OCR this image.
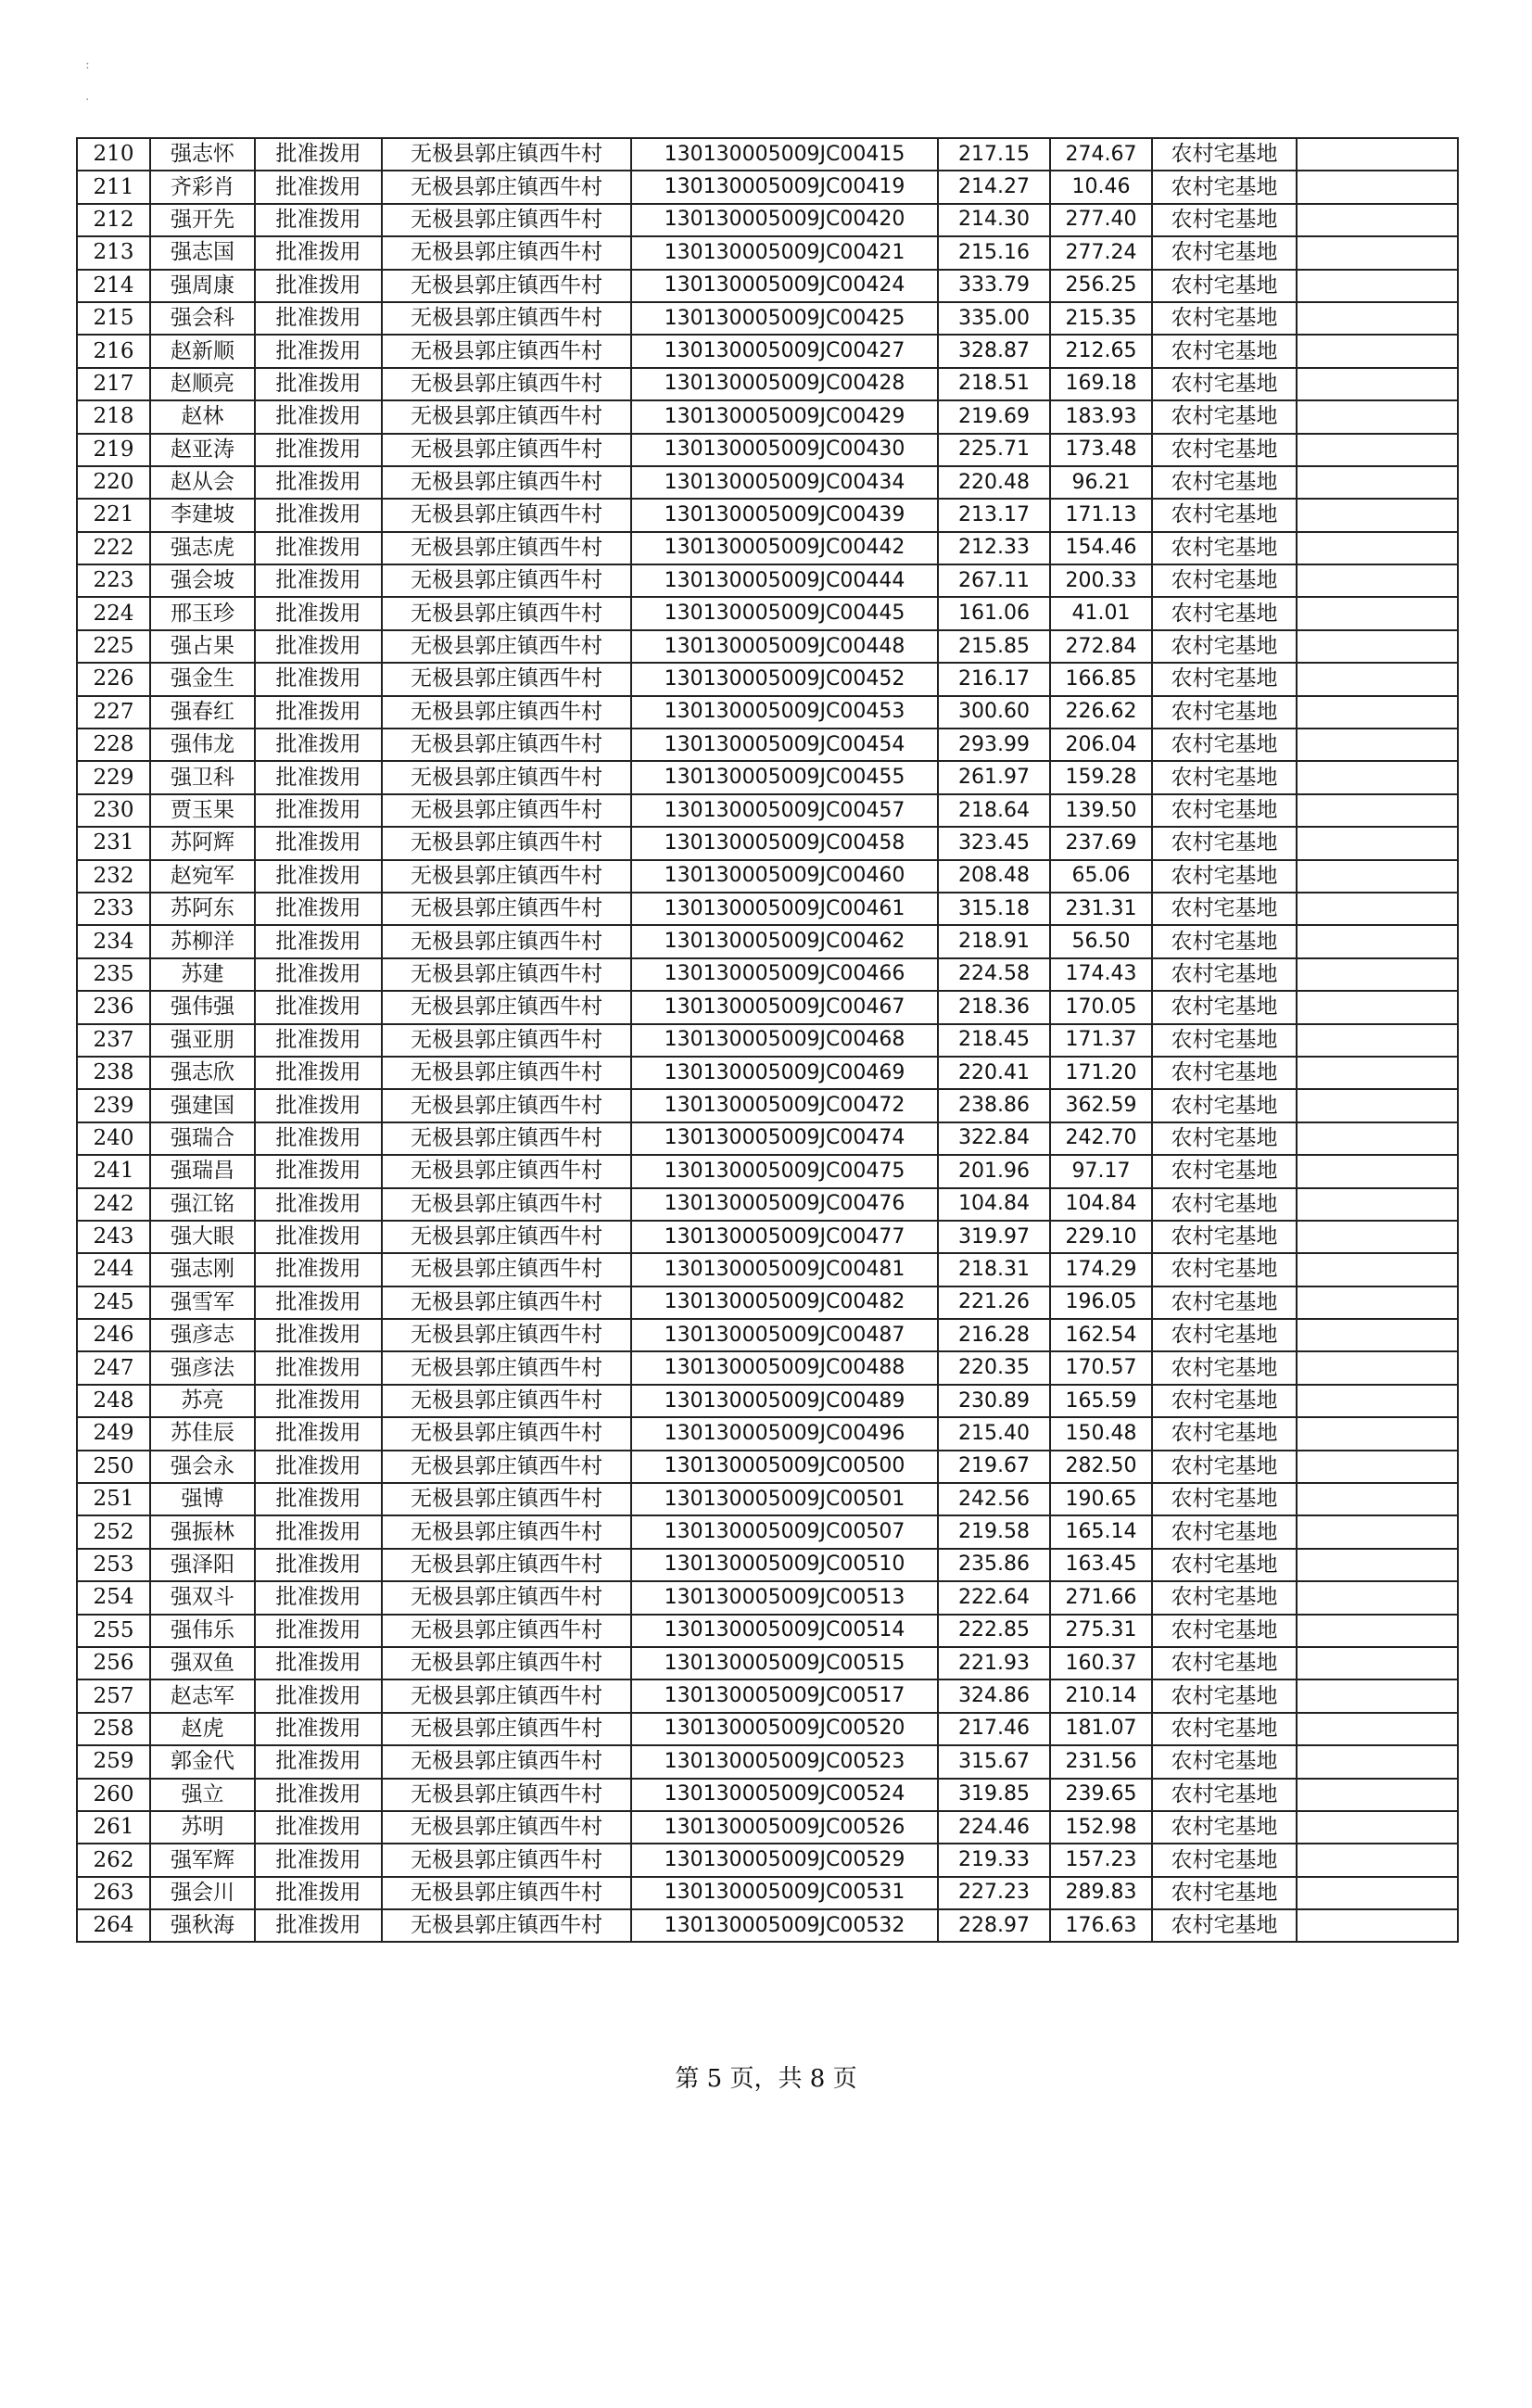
:
·
210	强志怀	批准拨用	无极县郭庄镇西牛村	130130005009JC00415	217.15	274.67	农村宅基地	
211	齐彩肖	批准拨用	无极县郭庄镇西牛村	130130005009JC00419	214.27	10.46	农村宅基地	
212	强开先	批准拨用	无极县郭庄镇西牛村	130130005009JC00420	214.30	277.40	农村宅基地	
213	强志国	批准拨用	无极县郭庄镇西牛村	130130005009JC00421	215.16	277.24	农村宅基地	
214	强周康	批准拨用	无极县郭庄镇西牛村	130130005009JC00424	333.79	256.25	农村宅基地	
215	强会科	批准拨用	无极县郭庄镇西牛村	130130005009JC00425	335.00	215.35	农村宅基地	
216	赵新顺	批准拨用	无极县郭庄镇西牛村	130130005009JC00427	328.87	212.65	农村宅基地	
217	赵顺亮	批准拨用	无极县郭庄镇西牛村	130130005009JC00428	218.51	169.18	农村宅基地	
218	赵林	批准拨用	无极县郭庄镇西牛村	130130005009JC00429	219.69	183.93	农村宅基地	
219	赵亚涛	批准拨用	无极县郭庄镇西牛村	130130005009JC00430	225.71	173.48	农村宅基地	
220	赵从会	批准拨用	无极县郭庄镇西牛村	130130005009JC00434	220.48	96.21	农村宅基地	
221	李建坡	批准拨用	无极县郭庄镇西牛村	130130005009JC00439	213.17	171.13	农村宅基地	
222	强志虎	批准拨用	无极县郭庄镇西牛村	130130005009JC00442	212.33	154.46	农村宅基地	
223	强会坡	批准拨用	无极县郭庄镇西牛村	130130005009JC00444	267.11	200.33	农村宅基地	
224	邢玉珍	批准拨用	无极县郭庄镇西牛村	130130005009JC00445	161.06	41.01	农村宅基地	
225	强占果	批准拨用	无极县郭庄镇西牛村	130130005009JC00448	215.85	272.84	农村宅基地	
226	强金生	批准拨用	无极县郭庄镇西牛村	130130005009JC00452	216.17	166.85	农村宅基地	
227	强春红	批准拨用	无极县郭庄镇西牛村	130130005009JC00453	300.60	226.62	农村宅基地	
228	强伟龙	批准拨用	无极县郭庄镇西牛村	130130005009JC00454	293.99	206.04	农村宅基地	
229	强卫科	批准拨用	无极县郭庄镇西牛村	130130005009JC00455	261.97	159.28	农村宅基地	
230	贾玉果	批准拨用	无极县郭庄镇西牛村	130130005009JC00457	218.64	139.50	农村宅基地	
231	苏阿辉	批准拨用	无极县郭庄镇西牛村	130130005009JC00458	323.45	237.69	农村宅基地	
232	赵宛军	批准拨用	无极县郭庄镇西牛村	130130005009JC00460	208.48	65.06	农村宅基地	
233	苏阿东	批准拨用	无极县郭庄镇西牛村	130130005009JC00461	315.18	231.31	农村宅基地	
234	苏柳洋	批准拨用	无极县郭庄镇西牛村	130130005009JC00462	218.91	56.50	农村宅基地	
235	苏建	批准拨用	无极县郭庄镇西牛村	130130005009JC00466	224.58	174.43	农村宅基地	
236	强伟强	批准拨用	无极县郭庄镇西牛村	130130005009JC00467	218.36	170.05	农村宅基地	
237	强亚朋	批准拨用	无极县郭庄镇西牛村	130130005009JC00468	218.45	171.37	农村宅基地	
238	强志欣	批准拨用	无极县郭庄镇西牛村	130130005009JC00469	220.41	171.20	农村宅基地	
239	强建国	批准拨用	无极县郭庄镇西牛村	130130005009JC00472	238.86	362.59	农村宅基地	
240	强瑞合	批准拨用	无极县郭庄镇西牛村	130130005009JC00474	322.84	242.70	农村宅基地	
241	强瑞昌	批准拨用	无极县郭庄镇西牛村	130130005009JC00475	201.96	97.17	农村宅基地	
242	强江铭	批准拨用	无极县郭庄镇西牛村	130130005009JC00476	104.84	104.84	农村宅基地	
243	强大眼	批准拨用	无极县郭庄镇西牛村	130130005009JC00477	319.97	229.10	农村宅基地	
244	强志刚	批准拨用	无极县郭庄镇西牛村	130130005009JC00481	218.31	174.29	农村宅基地	
245	强雪军	批准拨用	无极县郭庄镇西牛村	130130005009JC00482	221.26	196.05	农村宅基地	
246	强彦志	批准拨用	无极县郭庄镇西牛村	130130005009JC00487	216.28	162.54	农村宅基地	
247	强彦法	批准拨用	无极县郭庄镇西牛村	130130005009JC00488	220.35	170.57	农村宅基地	
248	苏亮	批准拨用	无极县郭庄镇西牛村	130130005009JC00489	230.89	165.59	农村宅基地	
249	苏佳辰	批准拨用	无极县郭庄镇西牛村	130130005009JC00496	215.40	150.48	农村宅基地	
250	强会永	批准拨用	无极县郭庄镇西牛村	130130005009JC00500	219.67	282.50	农村宅基地	
251	强博	批准拨用	无极县郭庄镇西牛村	130130005009JC00501	242.56	190.65	农村宅基地	
252	强振林	批准拨用	无极县郭庄镇西牛村	130130005009JC00507	219.58	165.14	农村宅基地	
253	强泽阳	批准拨用	无极县郭庄镇西牛村	130130005009JC00510	235.86	163.45	农村宅基地	
254	强双斗	批准拨用	无极县郭庄镇西牛村	130130005009JC00513	222.64	271.66	农村宅基地	
255	强伟乐	批准拨用	无极县郭庄镇西牛村	130130005009JC00514	222.85	275.31	农村宅基地	
256	强双鱼	批准拨用	无极县郭庄镇西牛村	130130005009JC00515	221.93	160.37	农村宅基地	
257	赵志军	批准拨用	无极县郭庄镇西牛村	130130005009JC00517	324.86	210.14	农村宅基地	
258	赵虎	批准拨用	无极县郭庄镇西牛村	130130005009JC00520	217.46	181.07	农村宅基地	
259	郭金代	批准拨用	无极县郭庄镇西牛村	130130005009JC00523	315.67	231.56	农村宅基地	
260	强立	批准拨用	无极县郭庄镇西牛村	130130005009JC00524	319.85	239.65	农村宅基地	
261	苏明	批准拨用	无极县郭庄镇西牛村	130130005009JC00526	224.46	152.98	农村宅基地	
262	强军辉	批准拨用	无极县郭庄镇西牛村	130130005009JC00529	219.33	157.23	农村宅基地	
263	强会川	批准拨用	无极县郭庄镇西牛村	130130005009JC00531	227.23	289.83	农村宅基地	
264	强秋海	批准拨用	无极县郭庄镇西牛村	130130005009JC00532	228.97	176.63	农村宅基地	
第 5 页，共 8 页
